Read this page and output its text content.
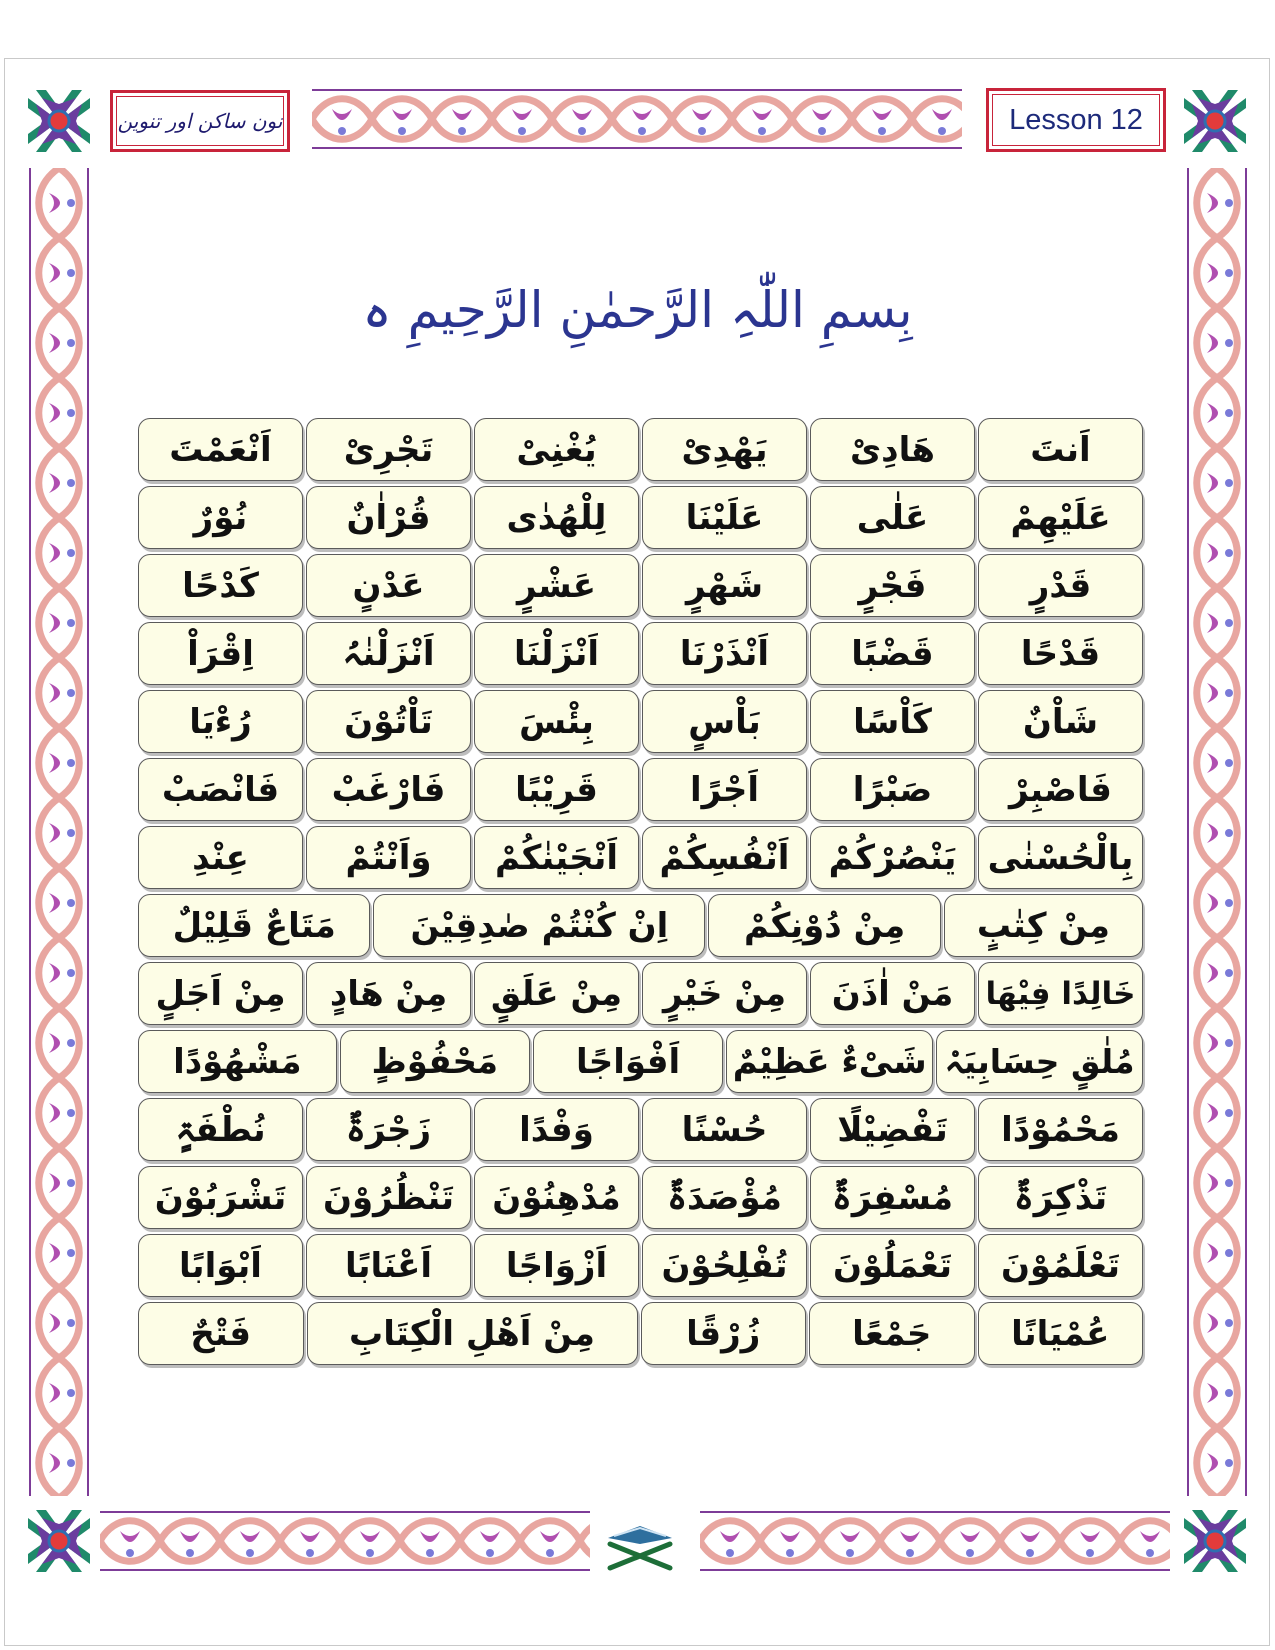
نون ساکن اور تنوین	Lesson 12
بِسمِ اللّٰہِ الرَّحمٰنِ الرَّحِیمِ ہ
اَنتَ
ھَادِیْ
یَھْدِیْ
یُغْنِیْ
تَجْرِیْ
اَنْعَمْتَ
عَلَیْھِمْ
عَلٰی
عَلَیْنَا
لِلْھُدٰی
قُرْاٰنٌ
نُوْرٌ
قَدْرٍ
فَجْرٍ
شَھْرٍ
عَشْرٍ
عَدْنٍ
کَدْحًا
قَدْحًا
قَضْبًا
اَنْذَرْنَا
اَنْزَلْنَا
اَنْزَلْنٰہُ
اِقْرَاْ
شَاْنٌ
کَاْسًا
بَاْسٍ
بِئْسَ
تَاْتُوْنَ
رُءْیَا
فَاصْبِرْ
صَبْرًا
اَجْرًا
قَرِیْبًا
فَارْغَبْ
فَانْصَبْ
بِالْحُسْنٰی
یَنْصُرْکُمْ
اَنْفُسِکُمْ
اَنْجَیْنٰکُمْ
وَاَنْتُمْ
عِنْدِ
مِنْ کِتٰبٍ
مِنْ دُوْنِکُمْ
اِنْ کُنْتُمْ صٰدِقِیْنَ
مَتَاعٌ قَلِیْلٌ
خَالِدًا فِیْھَا
مَنْ اٰذَنَ
مِنْ خَیْرٍ
مِنْ عَلَقٍ
مِنْ ھَادٍ
مِنْ اَجَلٍ
مُلٰقٍ حِسَابِیَہْ
شَیْءٌ عَظِیْمٌ
اَفْوَاجًا
مَحْفُوْظٍ
مَشْھُوْدًا
مَحْمُوْدًا
تَفْضِیْلًا
حُسْنًا
وَفْدًا
زَجْرَۃٌ
نُطْفَۃٍ
تَذْکِرَۃٌ
مُسْفِرَۃٌ
مُؤْصَدَۃٌ
مُدْھِنُوْنَ
تَنْظُرُوْنَ
تَشْرَبُوْنَ
تَعْلَمُوْنَ
تَعْمَلُوْنَ
تُفْلِحُوْنَ
اَزْوَاجًا
اَعْنَابًا
اَبْوَابًا
عُمْیَانًا
جَمْعًا
زُرْقًا
مِنْ اَھْلِ الْکِتَابِ
فَتْحٌ
